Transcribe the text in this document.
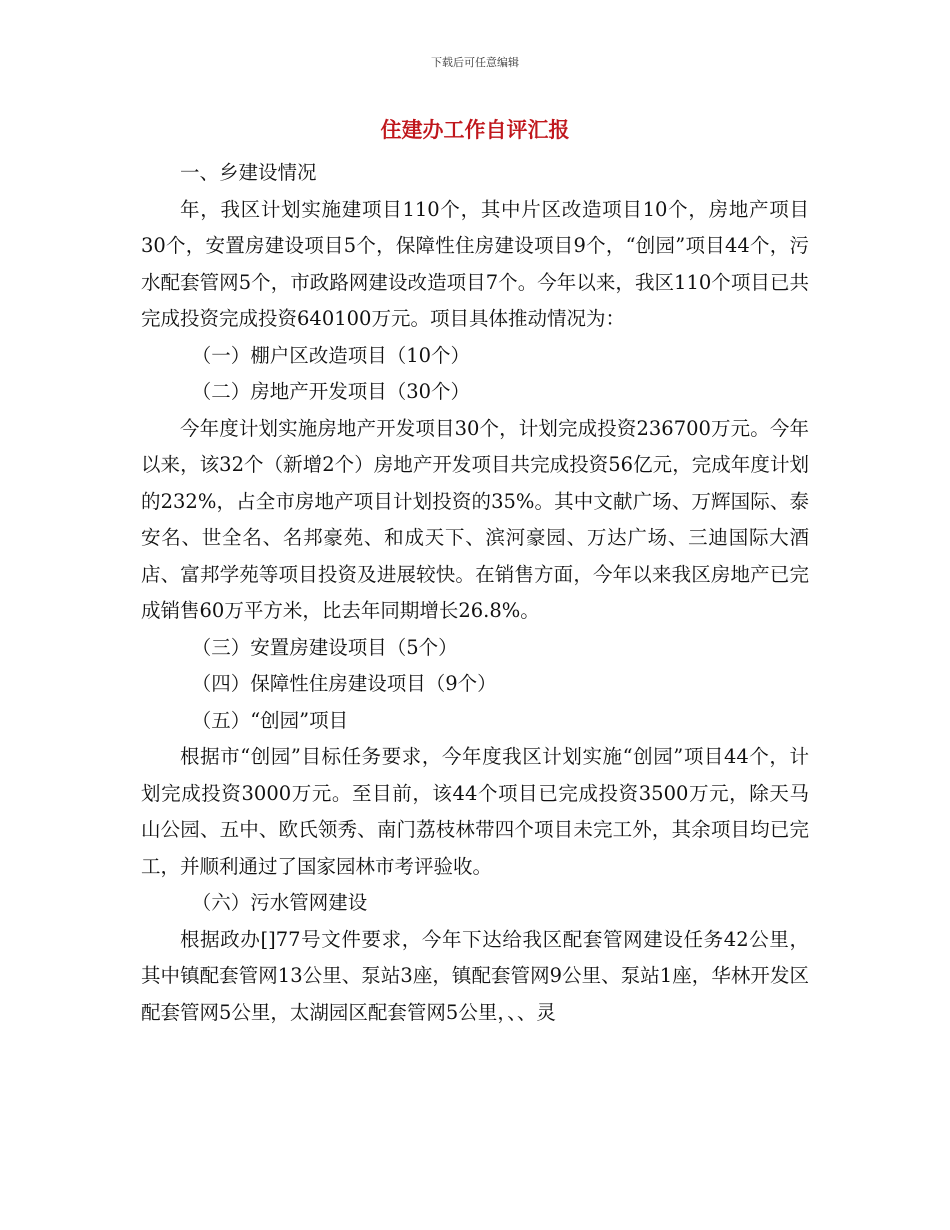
下载后可任意编辑
住建办工作自评汇报

一、乡建设情况

年，我区计划实施建项目110个，其中片区改造项目10个，房地产项目30个，安置房建设项目5个，保障性住房建设项目9个，“创园”项目44个，污水配套管网5个，市政路网建设改造项目7个。今年以来，我区110个项目已共完成投资完成投资640100万元。项目具体推动情况为：

（一）棚户区改造项目（10个）

（二）房地产开发项目（30个）

今年度计划实施房地产开发项目30个，计划完成投资236700万元。今年以来，该32个（新增2个）房地产开发项目共完成投资56亿元，完成年度计划的232%，占全市房地产项目计划投资的35%。其中文献广场、万辉国际、泰安名、世全名、名邦豪苑、和成天下、滨河豪园、万达广场、三迪国际大酒店、富邦学苑等项目投资及进展较快。在销售方面，今年以来我区房地产已完成销售60万平方米，比去年同期增长26.8%。

（三）安置房建设项目（5个）

（四）保障性住房建设项目（9个）

（五）“创园”项目

根据市“创园”目标任务要求，今年度我区计划实施“创园”项目44个，计划完成投资3000万元。至目前，该44个项目已完成投资3500万元，除天马山公园、五中、欧氏领秀、南门荔枝林带四个项目未完工外，其余项目均已完工，并顺利通过了国家园林市考评验收。

（六）污水管网建设

根据政办[]77号文件要求，今年下达给我区配套管网建设任务42公里，其中镇配套管网13公里、泵站3座，镇配套管网9公里、泵站1座，华林开发区配套管网5公里，太湖园区配套管网5公里，、、灵
